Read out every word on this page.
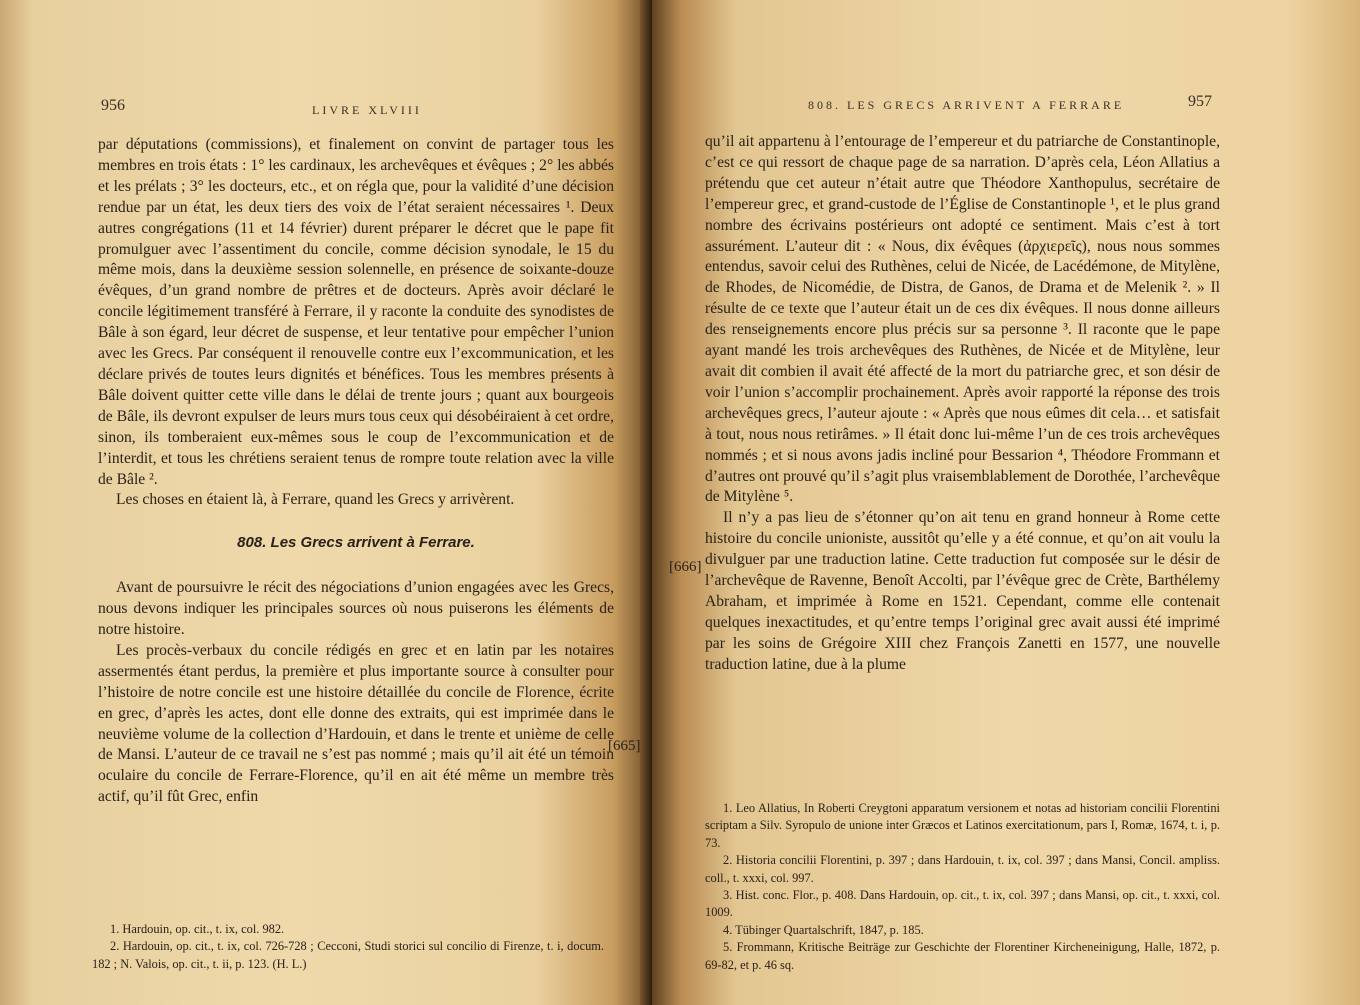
956	LIVRE XLVIII

par députations (commissions), et finalement on convint de partager tous les membres en trois états : 1° les cardinaux, les archevêques et évêques ; 2° les abbés et les prélats ; 3° les docteurs, etc., et on régla que, pour la validité d’une décision rendue par un état, les deux tiers des voix de l’état seraient nécessaires ¹. Deux autres congrégations (11 et 14 février) durent préparer le décret que le pape fit promulguer avec l’assentiment du concile, comme décision synodale, le 15 du même mois, dans la deuxième session solennelle, en présence de soixante-douze évêques, d’un grand nombre de prêtres et de docteurs. Après avoir déclaré le concile légitimement transféré à Ferrare, il y raconte la conduite des synodistes de Bâle à son égard, leur décret de suspense, et leur tentative pour empêcher l’union avec les Grecs. Par conséquent il renouvelle contre eux l’excommunication, et les déclare privés de toutes leurs dignités et bénéfices. Tous les membres présents à Bâle doivent quitter cette ville dans le délai de trente jours ; quant aux bourgeois de Bâle, ils devront expulser de leurs murs tous ceux qui désobéiraient à cet ordre, sinon, ils tomberaient eux-mêmes sous le coup de l’excommunication et de l’interdit, et tous les chrétiens seraient tenus de rompre toute relation avec la ville de Bâle ².

Les choses en étaient là, à Ferrare, quand les Grecs y arrivèrent.

808. Les Grecs arrivent à Ferrare.

Avant de poursuivre le récit des négociations d’union engagées avec les Grecs, nous devons indiquer les principales sources où nous puiserons les éléments de notre histoire.

Les procès-verbaux du concile rédigés en grec et en latin par les notaires assermentés étant perdus, la première et plus importante source à consulter pour l’histoire de notre concile est une histoire détaillée du concile de Florence, écrite en grec, d’après les actes, dont elle donne des extraits, qui est imprimée dans le neuvième volume de la collection d’Hardouin, et dans le trente et unième de celle de Mansi. L’auteur de ce travail ne s’est pas nommé ; mais qu’il ait été un témoin oculaire du concile de Ferrare-Florence, qu’il en ait été même un membre très actif, qu’il fût Grec, enfin

[665]
1. Hardouin, op. cit., t. ix, col. 982.
2. Hardouin, op. cit., t. ix, col. 726-728 ; Cecconi, Studi storici sul concilio di Firenze, t. i, docum. 182 ; N. Valois, op. cit., t. ii, p. 123. (H. L.)
808. LES GRECS ARRIVENT A FERRARE	957

qu’il ait appartenu à l’entourage de l’empereur et du patriarche de Constantinople, c’est ce qui ressort de chaque page de sa narration. D’après cela, Léon Allatius a prétendu que cet auteur n’était autre que Théodore Xanthopulus, secrétaire de l’empereur grec, et grand-custode de l’Église de Constantinople ¹, et le plus grand nombre des écrivains postérieurs ont adopté ce sentiment. Mais c’est à tort assurément. L’auteur dit : « Nous, dix évêques (ἀρχιερεῖς), nous nous sommes entendus, savoir celui des Ruthènes, celui de Nicée, de Lacédémone, de Mitylène, de Rhodes, de Nicomédie, de Distra, de Ganos, de Drama et de Melenik ². » Il résulte de ce texte que l’auteur était un de ces dix évêques. Il nous donne ailleurs des renseignements encore plus précis sur sa personne ³. Il raconte que le pape ayant mandé les trois archevêques des Ruthènes, de Nicée et de Mitylène, leur avait dit combien il avait été affecté de la mort du patriarche grec, et son désir de voir l’union s’accomplir prochainement. Après avoir rapporté la réponse des trois archevêques grecs, l’auteur ajoute : « Après que nous eûmes dit cela… et satisfait à tout, nous nous retirâmes. » Il était donc lui-même l’un de ces trois archevêques nommés ; et si nous avons jadis incliné pour Bessarion ⁴, Théodore Frommann et d’autres ont prouvé qu’il s’agit plus vraisemblablement de Dorothée, l’archevêque de Mitylène ⁵.

Il n’y a pas lieu de s’étonner qu’on ait tenu en grand honneur à Rome cette histoire du concile unioniste, aussitôt qu’elle y a été connue, et qu’on ait voulu la divulguer par une traduction latine. Cette traduction fut composée sur le désir de l’archevêque de Ravenne, Benoît Accolti, par l’évêque grec de Crète, Barthélemy Abraham, et imprimée à Rome en 1521. Cependant, comme elle contenait quelques inexactitudes, et qu’entre temps l’original grec avait aussi été imprimé par les soins de Grégoire XIII chez François Zanetti en 1577, une nouvelle traduction latine, due à la plume

[666]
1. Leo Allatius, In Roberti Creygtoni apparatum versionem et notas ad historiam concilii Florentini scriptam a Silv. Syropulo de unione inter Græcos et Latinos exercitationum, pars I, Romæ, 1674, t. i, p. 73.
2. Historia concilii Florentini, p. 397 ; dans Hardouin, t. ix, col. 397 ; dans Mansi, Concil. ampliss. coll., t. xxxi, col. 997.
3. Hist. conc. Flor., p. 408. Dans Hardouin, op. cit., t. ix, col. 397 ; dans Mansi, op. cit., t. xxxi, col. 1009.
4. Tübinger Quartalschrift, 1847, p. 185.
5. Frommann, Kritische Beiträge zur Geschichte der Florentiner Kircheneinigung, Halle, 1872, p. 69-82, et p. 46 sq.
